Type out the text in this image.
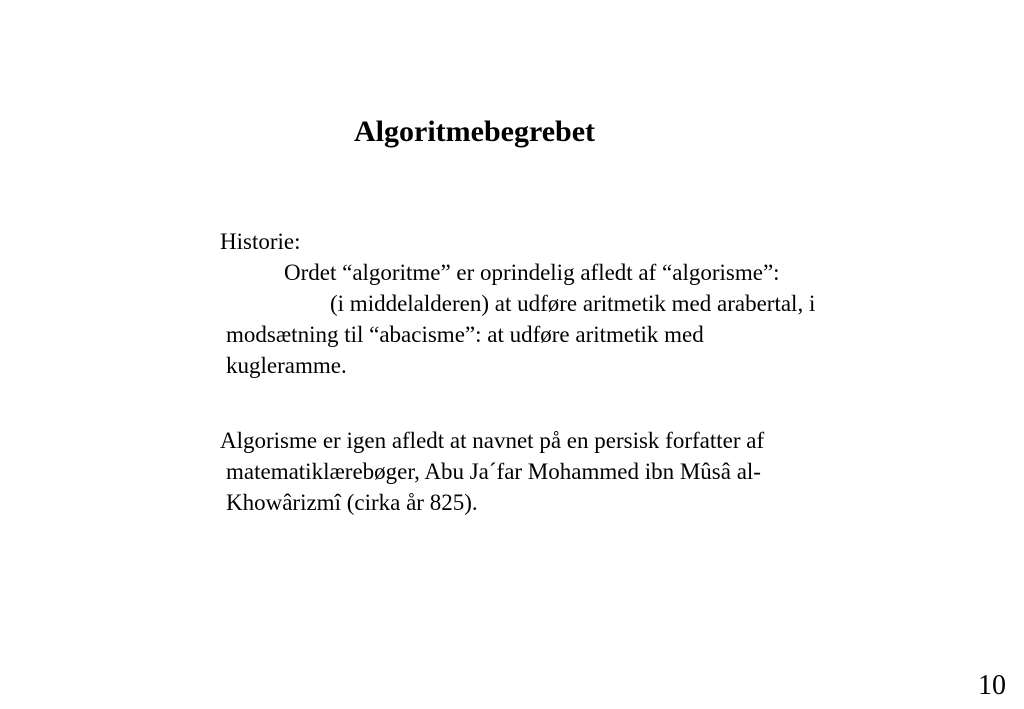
Algoritmebegrebet
Historie:
Ordet “algoritme” er oprindelig afledt af “algorisme”:
(i middelalderen) at udføre aritmetik med arabertal, i
modsætning til “abacisme”: at udføre aritmetik med
kugleramme.
Algorisme er igen afledt at navnet på en persisk forfatter af
matematiklærebøger, Abu Ja´far Mohammed ibn Mûsâ al-
Khowârizmî (cirka år 825).
10
